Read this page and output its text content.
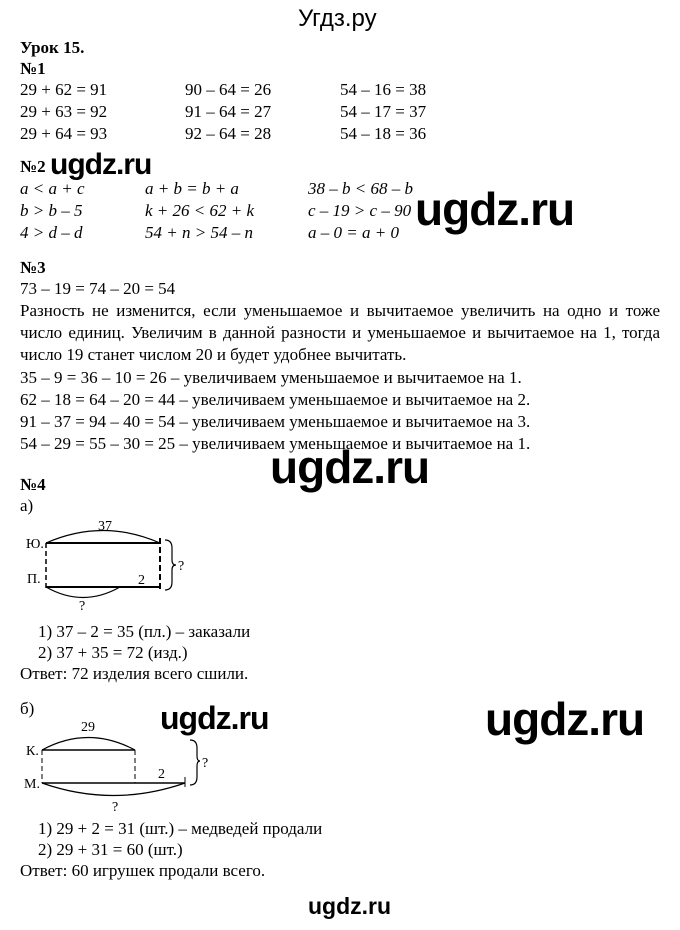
Угдз.ру
Урок 15.
№1
29 + 62 = 91
29 + 63 = 92
29 + 64 = 93
90 – 64 = 26
91 – 64 = 27
92 – 64 = 28
54 – 16 = 38
54 – 17 = 37
54 – 18 = 36
№2 ugdz.ru
a < a + c
b > b – 5
4 > d – d
a + b = b + a
k + 26 < 62 + k
54 + n > 54 – n
38 – b < 68 – b
c – 19 > c – 90
a – 0 = a + 0 ugdz.ru
№3
73 – 19 = 74 – 20 = 54
Разность не изменится, если уменьшаемое и вычитаемое увеличить на одно и тоже число единиц. Увеличим в данной разности и уменьшаемое и вычитаемое на 1, тогда число 19 станет числом 20 и будет удобнее вычитать.
35 – 9 = 36 – 10 = 26 – увеличиваем уменьшаемое и вычитаемое на 1.
62 – 18 = 64 – 20 = 44 – увеличиваем уменьшаемое и вычитаемое на 2.
91 – 37 = 94 – 40 = 54 – увеличиваем уменьшаемое и вычитаемое на 3.
54 – 29 = 55 – 30 = 25 – увеличиваем уменьшаемое и вычитаемое на 1.
ugdz.ru
№4
а)
Ю.
П.
37
2
?
?
К.
М.
29
2
?
?
1) 37 – 2 = 35 (пл.) – заказали
2) 37 + 35 = 72 (изд.)
Ответ: 72 изделия всего сшили.
б)	ugdz.ru	ugdz.ru
1) 29 + 2 = 31 (шт.) – медведей продали
2) 29 + 31 = 60 (шт.)
Ответ: 60 игрушек продали всего.
ugdz.ru
